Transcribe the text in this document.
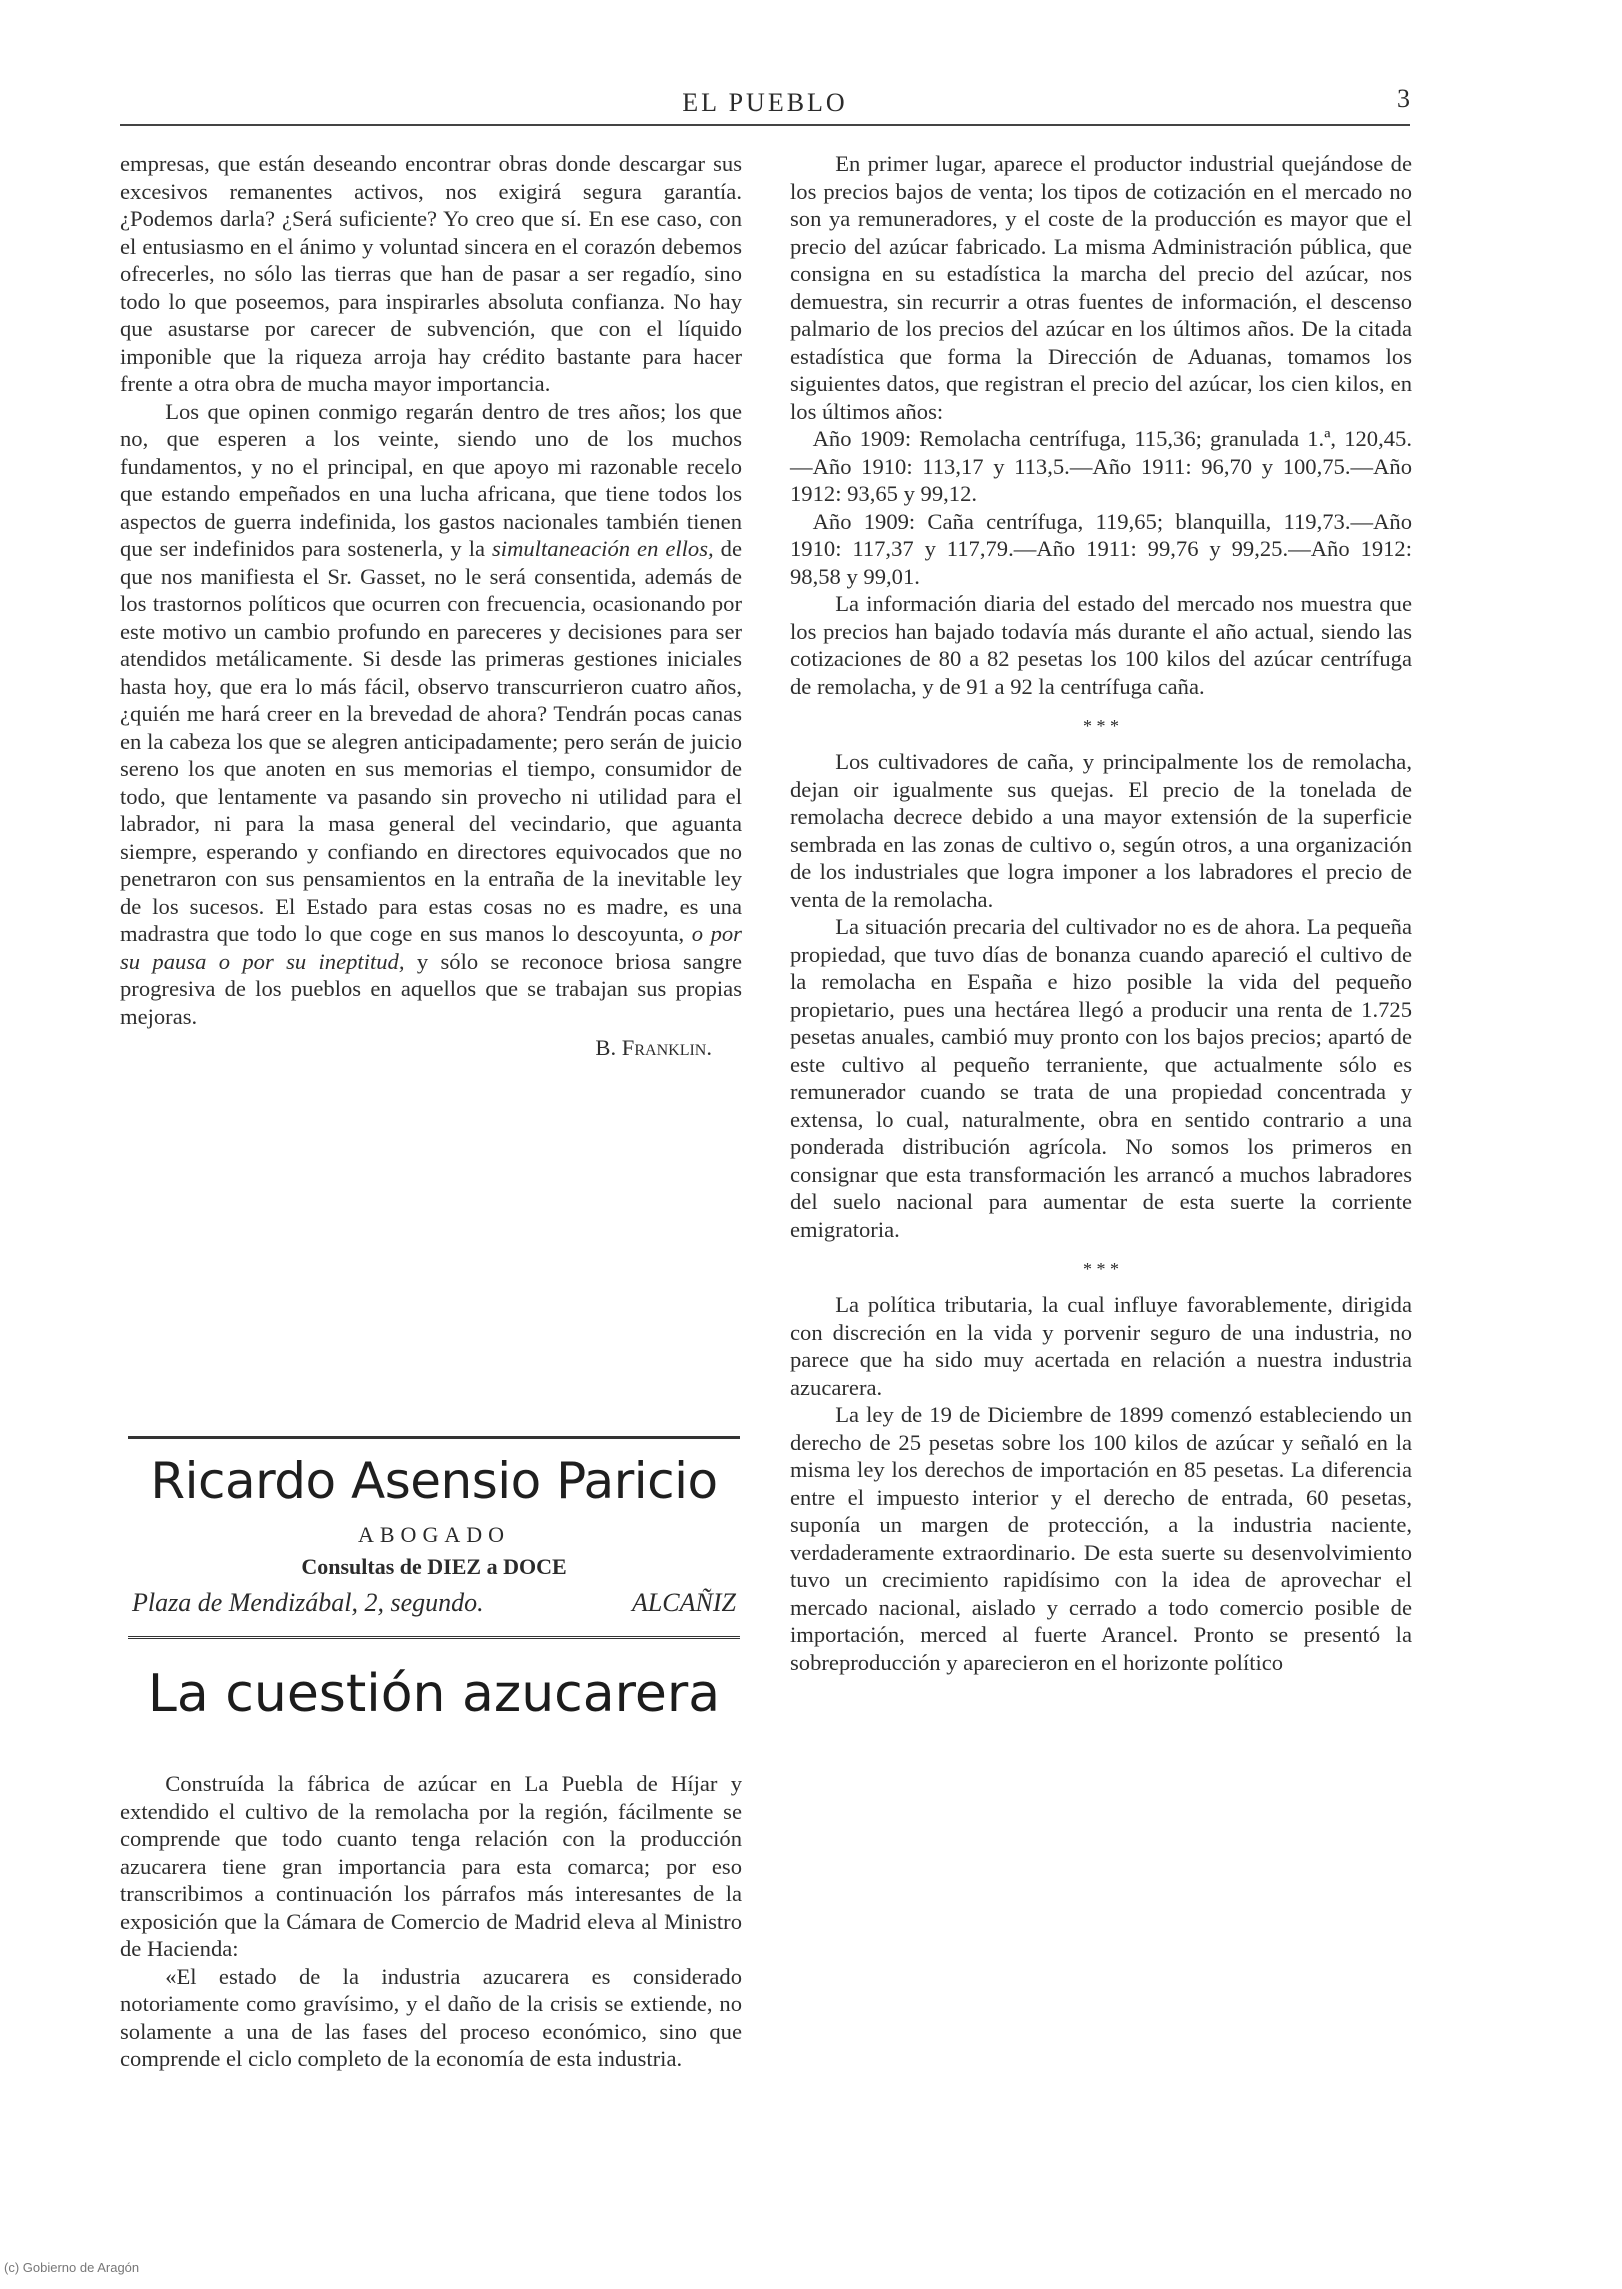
EL PUEBLO	3

empresas, que están deseando encontrar obras donde descargar sus excesivos remanentes activos, nos exigirá segura garantía. ¿Podemos darla? ¿Será suficiente? Yo creo que sí. En ese caso, con el entusiasmo en el ánimo y voluntad sincera en el corazón debemos ofrecerles, no sólo las tierras que han de pasar a ser regadío, sino todo lo que poseemos, para inspirarles absoluta confianza. No hay que asustarse por carecer de subvención, que con el líquido imponible que la riqueza arroja hay crédito bastante para hacer frente a otra obra de mucha mayor importancia.

Los que opinen conmigo regarán dentro de tres años; los que no, que esperen a los veinte, siendo uno de los muchos fundamentos, y no el principal, en que apoyo mi razonable recelo que estando empeñados en una lucha africana, que tiene todos los aspectos de guerra indefinida, los gastos nacionales también tienen que ser indefinidos para sostenerla, y la simultaneación en ellos, de que nos manifiesta el Sr. Gasset, no le será consentida, además de los trastornos políticos que ocurren con frecuencia, ocasionando por este motivo un cambio profundo en pareceres y decisiones para ser atendidos metálicamente. Si desde las primeras gestiones iniciales hasta hoy, que era lo más fácil, observo transcurrieron cuatro años, ¿quién me hará creer en la brevedad de ahora? Tendrán pocas canas en la cabeza los que se alegren anticipadamente; pero serán de juicio sereno los que anoten en sus memorias el tiempo, consumidor de todo, que lentamente va pasando sin provecho ni utilidad para el labrador, ni para la masa general del vecindario, que aguanta siempre, esperando y confiando en directores equivocados que no penetraron con sus pensamientos en la entraña de la inevitable ley de los sucesos. El Estado para estas cosas no es madre, es una madrastra que todo lo que coge en sus manos lo descoyunta, o por su pausa o por su ineptitud, y sólo se reconoce briosa sangre progresiva de los pueblos en aquellos que se trabajan sus propias mejoras.

B. Franklin.
Ricardo Asensio Paricio
ABOGADO
Consultas de DIEZ a DOCE
Plaza de Mendizábal, 2, segundo.	ALCAÑIZ
La cuestión azucarera

Construída la fábrica de azúcar en La Puebla de Híjar y extendido el cultivo de la remolacha por la región, fácilmente se comprende que todo cuanto tenga relación con la producción azucarera tiene gran importancia para esta comarca; por eso transcribimos a continuación los párrafos más interesantes de la exposición que la Cámara de Comercio de Madrid eleva al Ministro de Hacienda:

«El estado de la industria azucarera es considerado notoriamente como gravísimo, y el daño de la crisis se extiende, no solamente a una de las fases del proceso económico, sino que comprende el ciclo completo de la economía de esta industria.

En primer lugar, aparece el productor industrial quejándose de los precios bajos de venta; los tipos de cotización en el mercado no son ya remuneradores, y el coste de la producción es mayor que el precio del azúcar fabricado. La misma Administración pública, que consigna en su estadística la marcha del precio del azúcar, nos demuestra, sin recurrir a otras fuentes de información, el descenso palmario de los precios del azúcar en los últimos años. De la citada estadística que forma la Dirección de Aduanas, tomamos los siguientes datos, que registran el precio del azúcar, los cien kilos, en los últimos años:

Año 1909: Remolacha centrífuga, 115,36; granulada 1.ª, 120,45.—Año 1910: 113,17 y 113,5.—Año 1911: 96,70 y 100,75.—Año 1912: 93,65 y 99,12.

Año 1909: Caña centrífuga, 119,65; blanquilla, 119,73.—Año 1910: 117,37 y 117,79.—Año 1911: 99,76 y 99,25.—Año 1912: 98,58 y 99,01.

La información diaria del estado del mercado nos muestra que los precios han bajado todavía más durante el año actual, siendo las cotizaciones de 80 a 82 pesetas los 100 kilos del azúcar centrífuga de remolacha, y de 91 a 92 la centrífuga caña.

* * *

Los cultivadores de caña, y principalmente los de remolacha, dejan oir igualmente sus quejas. El precio de la tonelada de remolacha decrece debido a una mayor extensión de la superficie sembrada en las zonas de cultivo o, según otros, a una organización de los industriales que logra imponer a los labradores el precio de venta de la remolacha.

La situación precaria del cultivador no es de ahora. La pequeña propiedad, que tuvo días de bonanza cuando apareció el cultivo de la remolacha en España e hizo posible la vida del pequeño propietario, pues una hectárea llegó a producir una renta de 1.725 pesetas anuales, cambió muy pronto con los bajos precios; apartó de este cultivo al pequeño terraniente, que actualmente sólo es remunerador cuando se trata de una propiedad concentrada y extensa, lo cual, naturalmente, obra en sentido contrario a una ponderada distribución agrícola. No somos los primeros en consignar que esta transformación les arrancó a muchos labradores del suelo nacional para aumentar de esta suerte la corriente emigratoria.

* * *

La política tributaria, la cual influye favorablemente, dirigida con discreción en la vida y porvenir seguro de una industria, no parece que ha sido muy acertada en relación a nuestra industria azucarera.

La ley de 19 de Diciembre de 1899 comenzó estableciendo un derecho de 25 pesetas sobre los 100 kilos de azúcar y señaló en la misma ley los derechos de importación en 85 pesetas. La diferencia entre el impuesto interior y el derecho de entrada, 60 pesetas, suponía un margen de protección, a la industria naciente, verdaderamente extraordinario. De esta suerte su desenvolvimiento tuvo un crecimiento rapidísimo con la idea de aprovechar el mercado nacional, aislado y cerrado a todo comercio posible de importación, merced al fuerte Arancel. Pronto se presentó la sobreproducción y aparecieron en el horizonte político

(c) Gobierno de Aragón
